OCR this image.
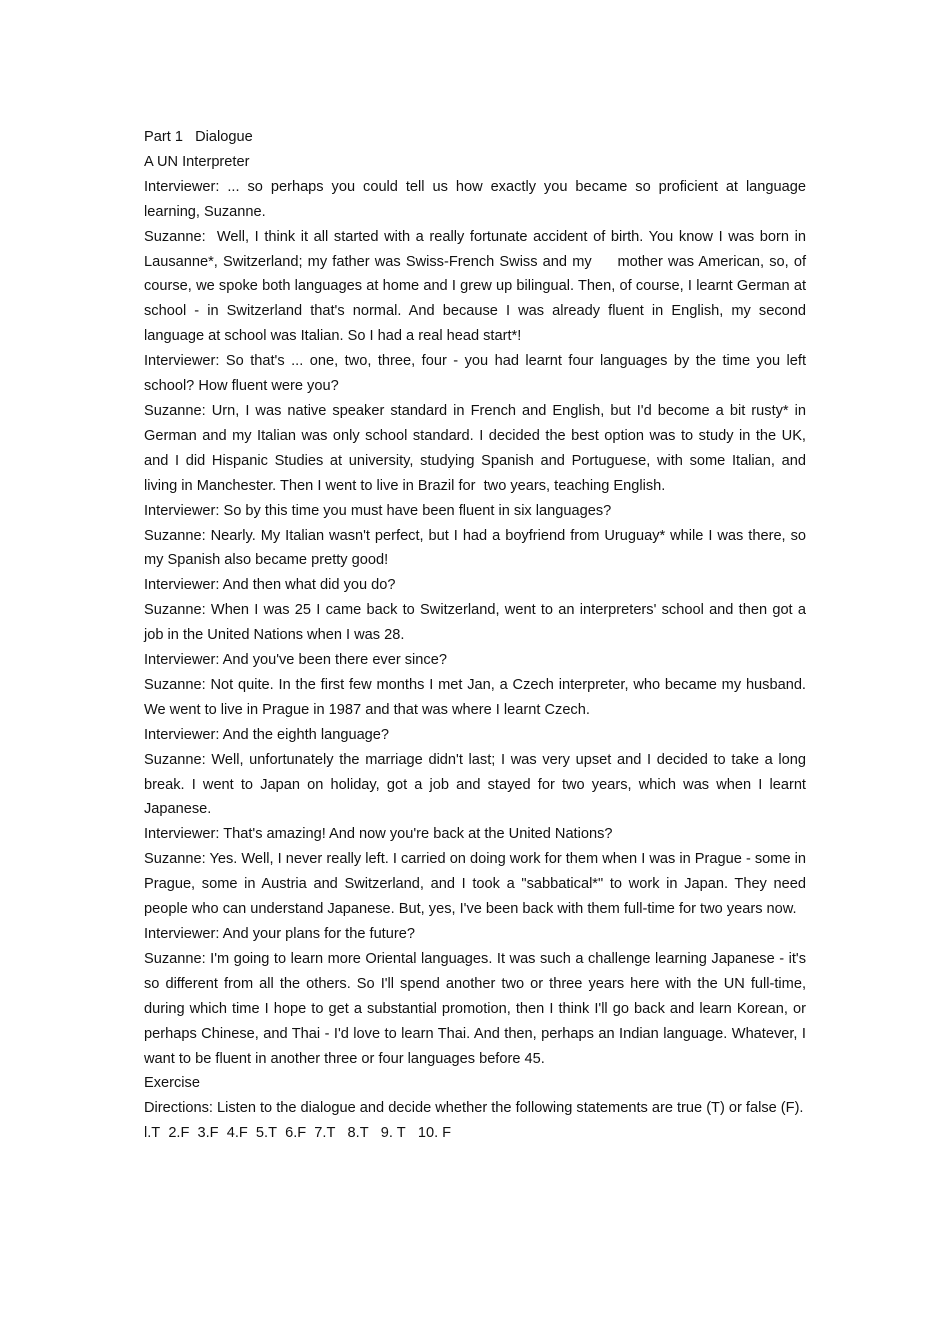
Part 1   Dialogue

A UN Interpreter

Interviewer: ... so perhaps you could tell us how exactly you became so proficient at language learning, Suzanne.

Suzanne:  Well, I think it all started with a really fortunate accident of birth. You know I was born in Lausanne*, Switzerland; my father was Swiss-French Swiss and my     mother was American, so, of course, we spoke both languages at home and I grew up bilingual. Then, of course, I learnt German at school - in Switzerland that's normal. And because I was already fluent in English, my second language at school was Italian. So I had a real head start*!

Interviewer: So that's ... one, two, three, four - you had learnt four languages by the time you left school? How fluent were you?

Suzanne: Urn, I was native speaker standard in French and English, but I'd become a bit rusty* in German and my Italian was only school standard. I decided the best option was to study in the UK, and I did Hispanic Studies at university, studying Spanish and Portuguese, with some Italian, and living in Manchester. Then I went to live in Brazil for  two years, teaching English.

Interviewer: So by this time you must have been fluent in six languages?

Suzanne: Nearly. My Italian wasn't perfect, but I had a boyfriend from Uruguay* while I was there, so my Spanish also became pretty good!

Interviewer: And then what did you do?

Suzanne: When I was 25 I came back to Switzerland, went to an interpreters' school and then got a job in the United Nations when I was 28.

Interviewer: And you've been there ever since?

Suzanne: Not quite. In the first few months I met Jan, a Czech interpreter, who became my husband. We went to live in Prague in 1987 and that was where I learnt Czech.

Interviewer: And the eighth language?

Suzanne: Well, unfortunately the marriage didn't last; I was very upset and I decided to take a long break. I went to Japan on holiday, got a job and stayed for two years, which was when I learnt Japanese.

Interviewer: That's amazing! And now you're back at the United Nations?

Suzanne: Yes. Well, I never really left. I carried on doing work for them when I was in Prague - some in Prague, some in Austria and Switzerland, and I took a "sabbatical*" to work in Japan. They need people who can understand Japanese. But, yes, I've been back with them full-time for two years now.

Interviewer: And your plans for the future?

Suzanne: I'm going to learn more Oriental languages. It was such a challenge learning Japanese - it's so different from all the others. So I'll spend another two or three years here with the UN full-time, during which time I hope to get a substantial promotion, then I think I'll go back and learn Korean, or perhaps Chinese, and Thai - I'd love to learn Thai. And then, perhaps an Indian language. Whatever, I want to be fluent in another three or four languages before 45.

Exercise

Directions: Listen to the dialogue and decide whether the following statements are true (T) or false (F).

l.T  2.F  3.F  4.F  5.T  6.F  7.T   8.T   9. T   10. F
